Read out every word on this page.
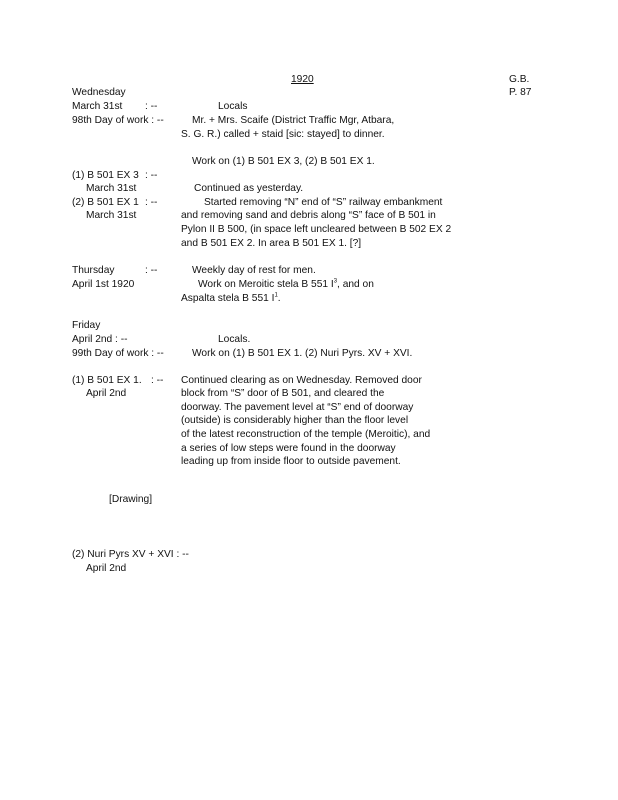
1920	G.B.
P. 87
Wednesday
March 31st : --	Locals
98th Day of work : --	Mr. + Mrs. Scaife (District Traffic Mgr, Atbara,
S. G. R.) called + staid [sic: stayed] to dinner.
Work on (1) B 501 EX 3, (2) B 501 EX 1.
(1) B 501 EX 3 : --
March 31st	Continued as yesterday.
(2) B 501 EX 1 : --	Started removing “N” end of “S” railway embankment
March 31st	and removing sand and debris along “S” face of B 501 in
Pylon II B 500, (in space left uncleared between B 502 EX 2
and B 501 EX 2. In area B 501 EX 1. [?]
Thursday	: --	Weekly day of rest for men.
April 1st 1920	Work on Meroitic stela B 551 $I^3$, and on
Aspalta stela B 551 $I^1$.
Friday
April 2nd : --	Locals.
99th Day of work : --	Work on (1) B 501 EX 1. (2) Nuri Pyrs. XV + XVI.
(1) B 501 EX 1. : -- Continued clearing as on Wednesday. Removed door
April 2nd	block from “S” door of B 501, and cleared the
doorway. The pavement level at “S” end of doorway
(outside) is considerably higher than the floor level
of the latest reconstruction of the temple (Meroitic), and
a series of low steps were found in the doorway
leading up from inside floor to outside pavement.
[Drawing]
(2) Nuri Pyrs XV + XVI : --
April 2nd
